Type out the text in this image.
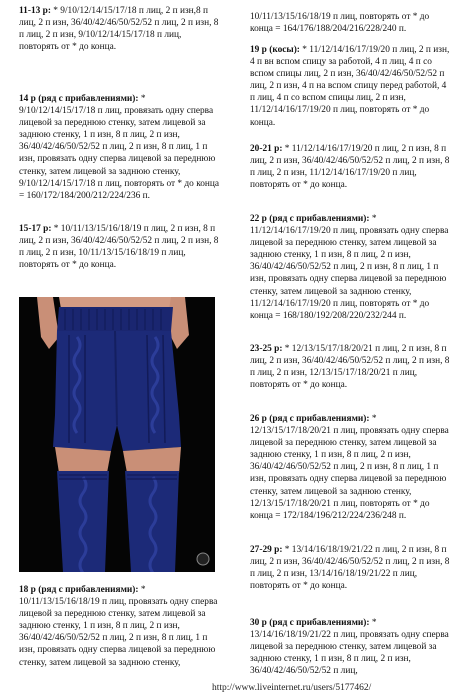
11-13 р: * 9/10/12/14/15/17/18 п лиц, 2 п изн,8 п лиц, 2 п изн, 36/40/42/46/50/52/52 п лиц, 2 п изн, 8 п лиц, 2 п изн, 9/10/12/14/15/17/18 п лиц, повторять от * до конца.

14 р (ряд с прибавлениями): * 9/10/12/14/15/17/18 п лиц, провязать одну сперва лицевой за переднюю стенку, затем лицевой за заднюю стенку, 1 п изн, 8 п лиц, 2 п изн, 36/40/42/46/50/52/52 п лиц, 2 п изн, 8 п лиц, 1 п изн, провязать одну сперва лицевой за переднюю стенку, затем лицевой за заднюю стенку, 9/10/12/14/15/17/18 п лиц, повторять от * до конца = 160/172/184/200/212/224/236 п.

15-17 р: * 10/11/13/15/16/18/19 п лиц, 2 п изн, 8 п лиц, 2 п изн, 36/40/42/46/50/52/52 п лиц, 2 п изн, 8 п лиц, 2 п изн, 10/11/13/15/16/18/19 п лиц, повторять от * до конца.

18 р (ряд с прибавлениями): * 10/11/13/15/16/18/19 п лиц, провязать одну сперва лицевой за переднюю стенку, затем лицевой за заднюю стенку, 1 п изн, 8 п лиц, 2 п изн, 36/40/42/46/50/52/52 п лиц, 2 п изн, 8 п лиц, 1 п изн, провязать одну сперва лицевой за переднюю стенку, затем лицевой за заднюю стенку,

10/11/13/15/16/18/19 п лиц, повторять от * до конца = 164/176/188/204/216/228/240 п.

19 р (косы): * 11/12/14/16/17/19/20 п лиц, 2 п изн, 4 п вн вспом спицу за работой, 4 п лиц, 4 п со вспом спицы лиц, 2 п изн, 36/40/42/46/50/52/52 п лиц, 2 п изн, 4 п на вспом спицу перед работой, 4 п лиц, 4 п со вспом спицы лиц, 2 п изн, 11/12/14/16/17/19/20 п лиц, повторять от * до конца.

20-21 р: * 11/12/14/16/17/19/20 п лиц, 2 п изн, 8 п лиц, 2 п изн, 36/40/42/46/50/52/52 п лиц, 2 п изн, 8 п лиц, 2 п изн, 11/12/14/16/17/19/20 п лиц, повторять от * до конца.

22 р (ряд с прибавлениями): * 11/12/14/16/17/19/20 п лиц, провязать одну сперва лицевой за переднюю стенку, затем лицевой за заднюю стенку, 1 п изн, 8 п лиц, 2 п изн, 36/40/42/46/50/52/52 п лиц, 2 п изн, 8 п лиц, 1 п изн, провязать одну сперва лицевой за переднюю стенку, затем лицевой за заднюю стенку, 11/12/14/16/17/19/20 п лиц, повторять от * до конца = 168/180/192/208/220/232/244 п.

23-25 р: * 12/13/15/17/18/20/21 п лиц, 2 п изн, 8 п лиц, 2 п изн, 36/40/42/46/50/52/52 п лиц, 2 п изн, 8 п лиц, 2 п изн, 12/13/15/17/18/20/21 п лиц, повторять от * до конца.

26 р (ряд с прибавлениями): * 12/13/15/17/18/20/21 п лиц, провязать одну сперва лицевой за переднюю стенку, затем лицевой за заднюю стенку, 1 п изн, 8 п лиц, 2 п изн, 36/40/42/46/50/52/52 п лиц, 2 п изн, 8 п лиц, 1 п изн, провязать одну сперва лицевой за переднюю стенку, затем лицевой за заднюю стенку, 12/13/15/17/18/20/21 п лиц, повторять от * до конца = 172/184/196/212/224/236/248 п.

27-29 р: * 13/14/16/18/19/21/22 п лиц, 2 п изн, 8 п лиц, 2 п изн, 36/40/42/46/50/52/52 п лиц, 2 п изн, 8 п лиц, 2 п изн, 13/14/16/18/19/21/22 п лиц, повторять от * до конца.

30 р (ряд с прибавлениями): * 13/14/16/18/19/21/22 п лиц, провязать одну сперва лицевой за переднюю стенку, затем лицевой за заднюю стенку, 1 п изн, 8 п лиц, 2 п изн, 36/40/42/46/50/52/52 п лиц,

http://www.liveinternet.ru/users/5177462/
